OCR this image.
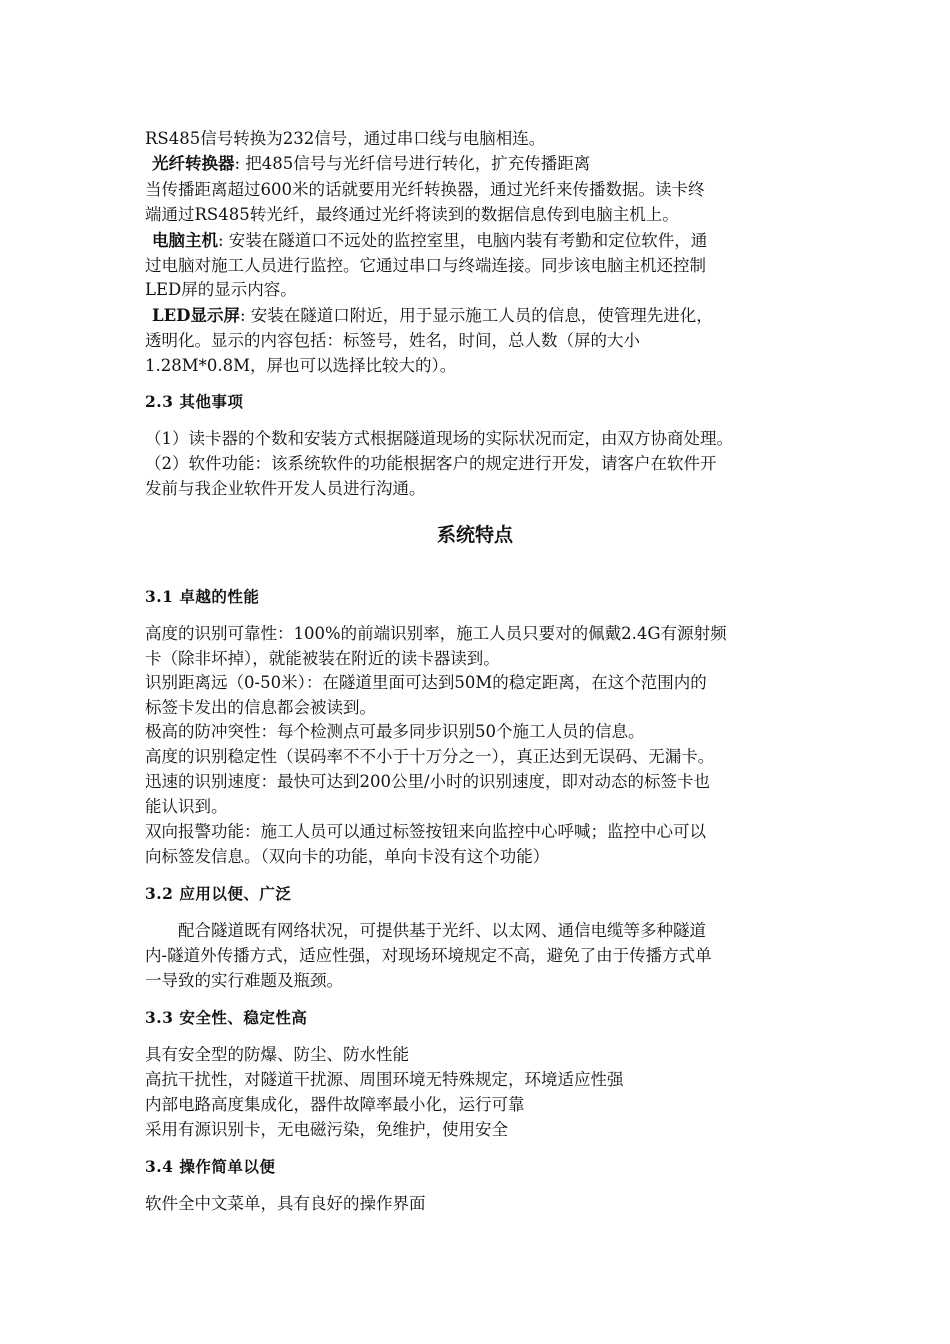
RS485信号转换为232信号，通过串口线与电脑相连。
光纤转换器: 把485信号与光纤信号进行转化，扩充传播距离
当传播距离超过600米的话就要用光纤转换器，通过光纤来传播数据。读卡终
端通过RS485转光纤，最终通过光纤将读到的数据信息传到电脑主机上。
电脑主机: 安装在隧道口不远处的监控室里，电脑内装有考勤和定位软件，通
过电脑对施工人员进行监控。它通过串口与终端连接。同步该电脑主机还控制
LED屏的显示内容。
LED显示屏: 安装在隧道口附近，用于显示施工人员的信息，使管理先进化，
透明化。显示的内容包括：标签号，姓名，时间，总人数（屏的大小
1.28M*0.8M，屏也可以选择比较大的）。
2.3 其他事项
（1）读卡器的个数和安装方式根据隧道现场的实际状况而定，由双方协商处理。
（2）软件功能：该系统软件的功能根据客户的规定进行开发，请客户在软件开
发前与我企业软件开发人员进行沟通。
系统特点
3.1 卓越的性能
高度的识别可靠性：100%的前端识别率，施工人员只要对的佩戴2.4G有源射频
卡（除非坏掉），就能被装在附近的读卡器读到。
识别距离远（0-50米）：在隧道里面可达到50M的稳定距离，在这个范围内的
标签卡发出的信息都会被读到。
极高的防冲突性：每个检测点可最多同步识别50个施工人员的信息。
高度的识别稳定性（误码率不不小于十万分之一），真正达到无误码、无漏卡。
迅速的识别速度：最快可达到200公里/小时的识别速度，即对动态的标签卡也
能认识到。
双向报警功能：施工人员可以通过标签按钮来向监控中心呼喊；监控中心可以
向标签发信息。（双向卡的功能，单向卡没有这个功能）
3.2 应用以便、广泛
　　配合隧道既有网络状况，可提供基于光纤、以太网、通信电缆等多种隧道
内-隧道外传播方式，适应性强，对现场环境规定不高，避免了由于传播方式单
一导致的实行难题及瓶颈。
3.3 安全性、稳定性高
具有安全型的防爆、防尘、防水性能
高抗干扰性，对隧道干扰源、周围环境无特殊规定，环境适应性强
内部电路高度集成化，器件故障率最小化，运行可靠
采用有源识别卡，无电磁污染，免维护，使用安全
3.4 操作简单以便
软件全中文菜单，具有良好的操作界面
